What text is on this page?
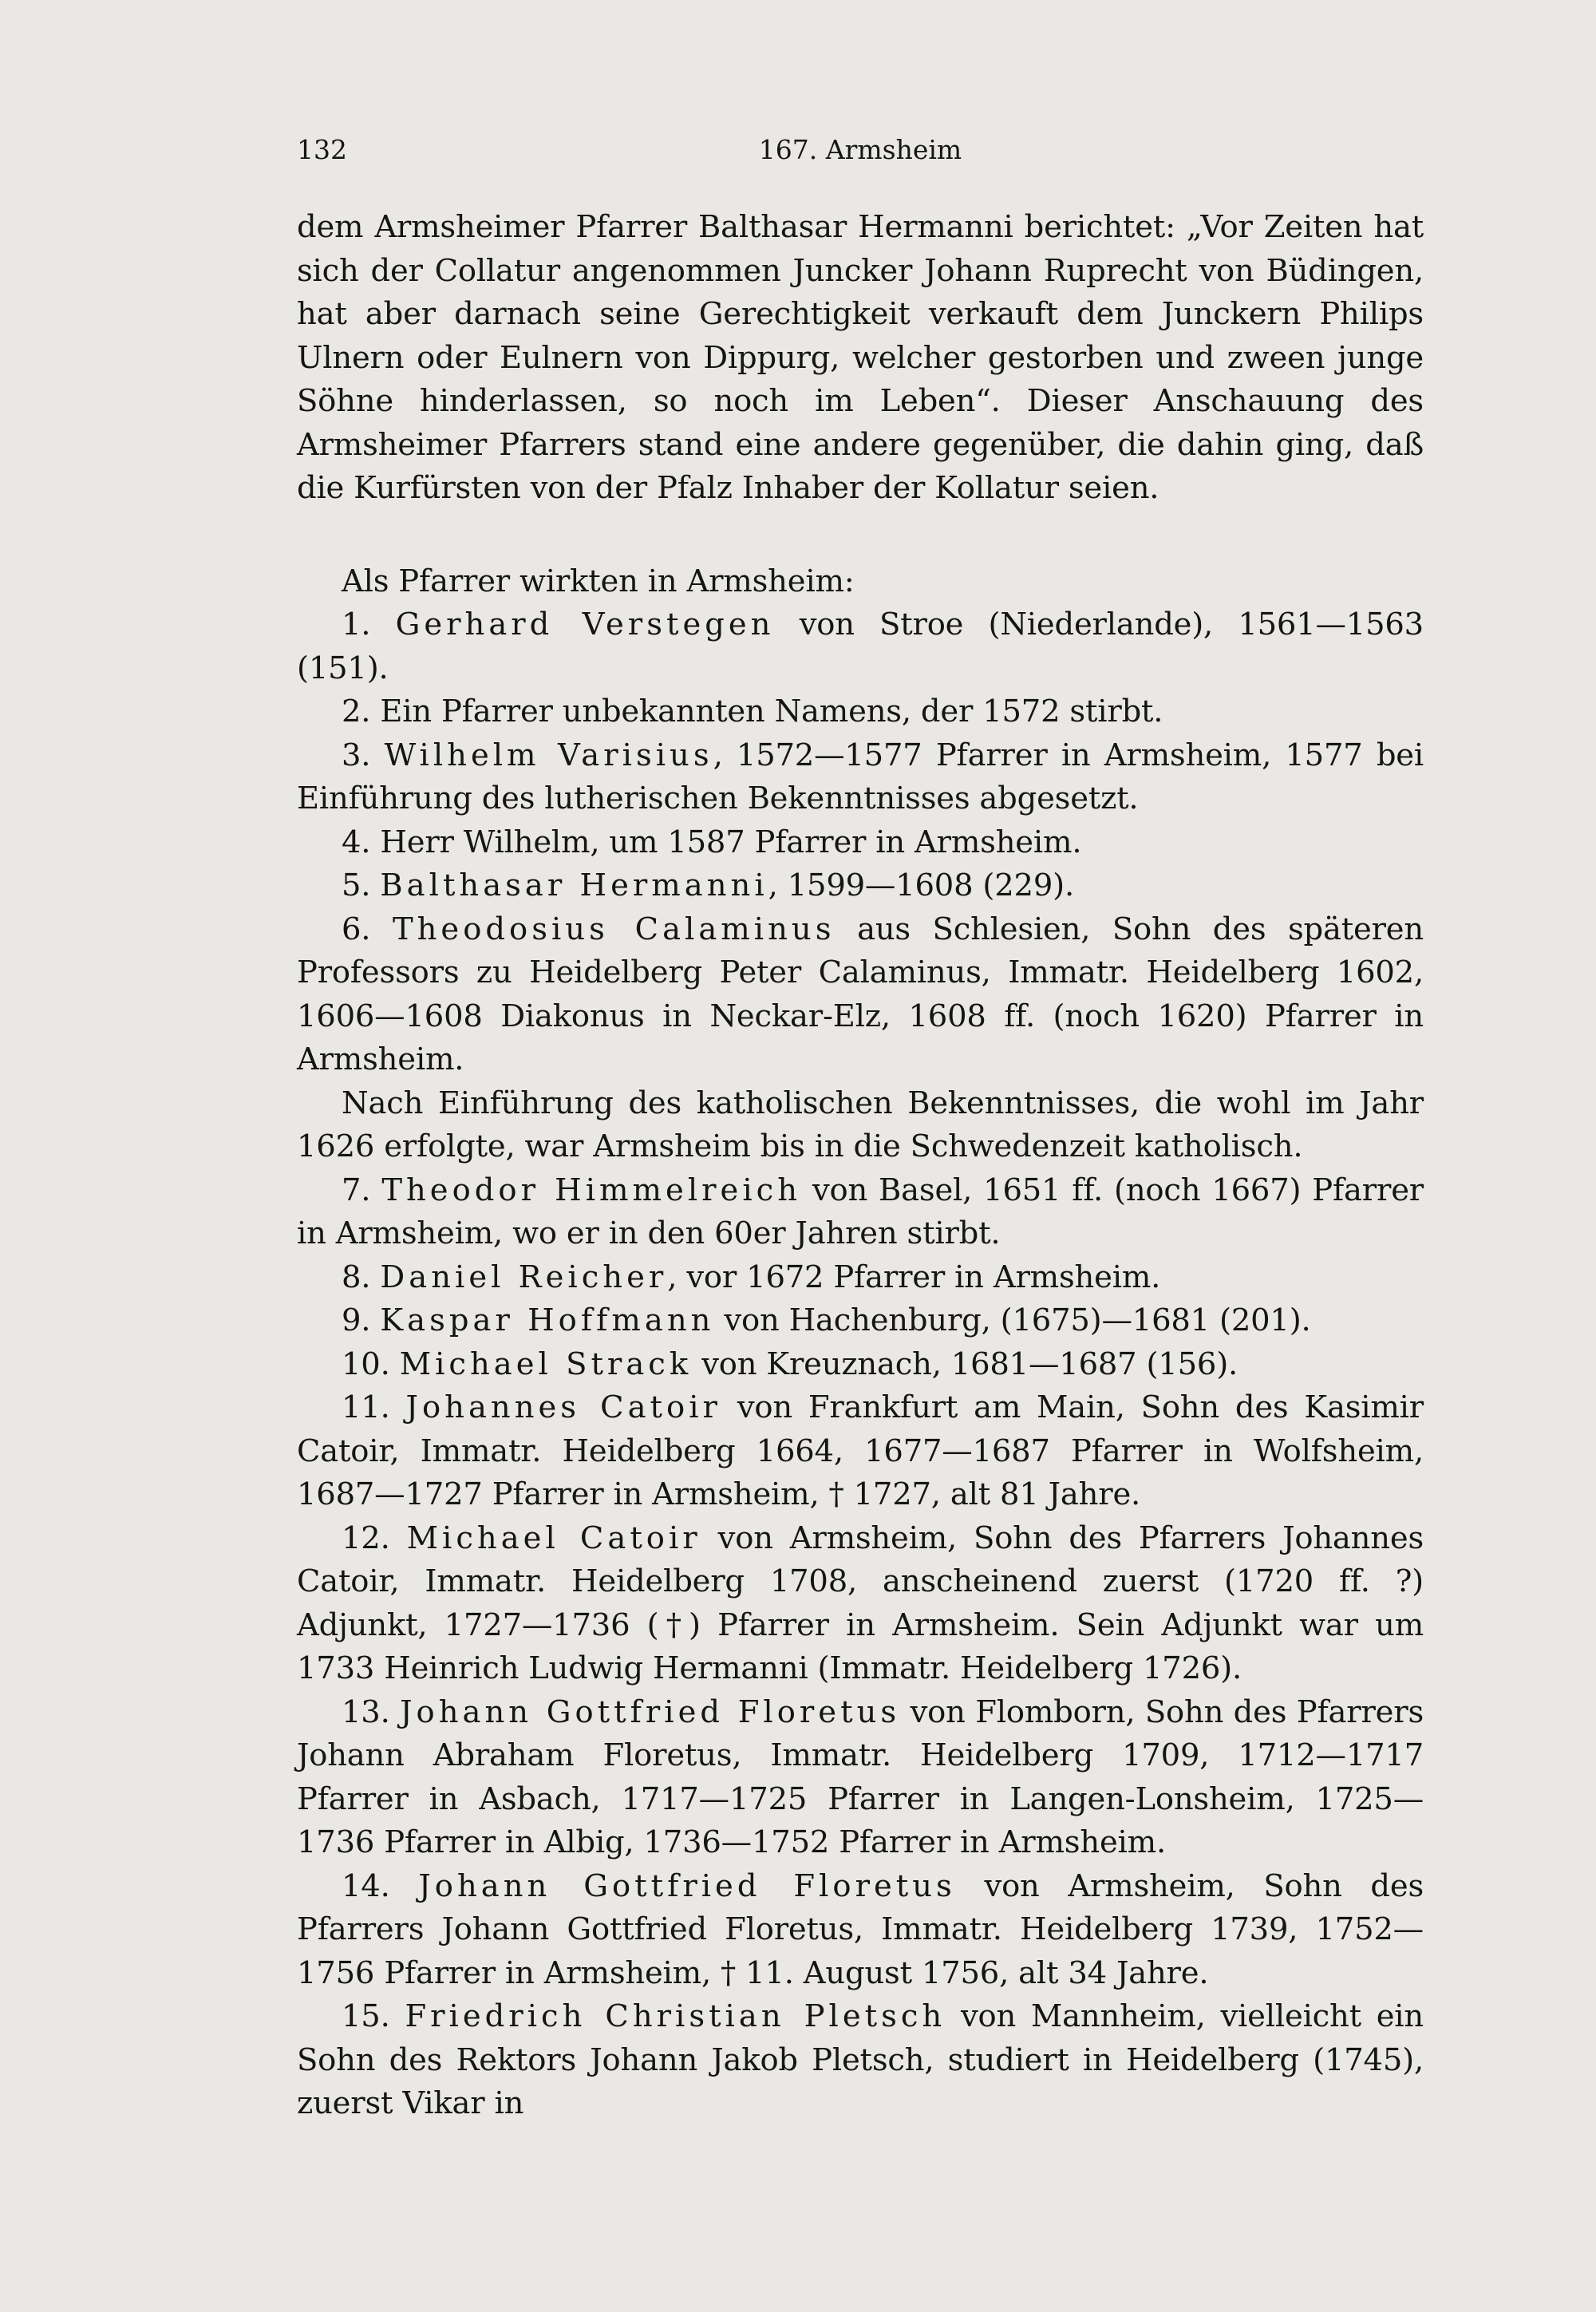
132	167. Armsheim

dem Armsheimer Pfarrer Balthasar Hermanni berichtet: „Vor Zeiten hat sich der Collatur angenommen Juncker Johann Ruprecht von Büdingen, hat aber darnach seine Gerechtigkeit verkauft dem Junckern Philips Ulnern oder Eulnern von Dippurg, welcher gestorben und zween junge Söhne hinderlassen, so noch im Leben“. Dieser Anschauung des Armsheimer Pfarrers stand eine andere gegenüber, die dahin ging, daß die Kurfürsten von der Pfalz Inhaber der Kollatur seien.

Als Pfarrer wirkten in Armsheim:

1. Gerhard Verstegen von Stroe (Niederlande), 1561—1563 (151).

2. Ein Pfarrer unbekannten Namens, der 1572 stirbt.

3. Wilhelm Varisius, 1572—1577 Pfarrer in Armsheim, 1577 bei Einführung des lutherischen Bekenntnisses abgesetzt.

4. Herr Wilhelm, um 1587 Pfarrer in Armsheim.

5. Balthasar Hermanni, 1599—1608 (229).

6. Theodosius Calaminus aus Schlesien, Sohn des späteren Professors zu Heidelberg Peter Calaminus, Immatr. Heidelberg 1602, 1606—1608 Diakonus in Neckar-Elz, 1608 ff. (noch 1620) Pfarrer in Armsheim.

Nach Einführung des katholischen Bekenntnisses, die wohl im Jahr 1626 erfolgte, war Armsheim bis in die Schwedenzeit katholisch.

7. Theodor Himmelreich von Basel, 1651 ff. (noch 1667) Pfarrer in Armsheim, wo er in den 60er Jahren stirbt.

8. Daniel Reicher, vor 1672 Pfarrer in Armsheim.

9. Kaspar Hoffmann von Hachenburg, (1675)—1681 (201).

10. Michael Strack von Kreuznach, 1681—1687 (156).

11. Johannes Catoir von Frankfurt am Main, Sohn des Kasimir Catoir, Immatr. Heidelberg 1664, 1677—1687 Pfarrer in Wolfsheim, 1687—1727 Pfarrer in Armsheim, † 1727, alt 81 Jahre.

12. Michael Catoir von Armsheim, Sohn des Pfarrers Johannes Catoir, Immatr. Heidelberg 1708, anscheinend zuerst (1720 ff. ?) Adjunkt, 1727—1736 (†) Pfarrer in Armsheim. Sein Adjunkt war um 1733 Heinrich Ludwig Hermanni (Immatr. Heidelberg 1726).

13. Johann Gottfried Floretus von Flomborn, Sohn des Pfarrers Johann Abraham Floretus, Immatr. Heidelberg 1709, 1712—1717 Pfarrer in Asbach, 1717—1725 Pfarrer in Langen-Lonsheim, 1725—1736 Pfarrer in Albig, 1736—1752 Pfarrer in Armsheim.

14. Johann Gottfried Floretus von Armsheim, Sohn des Pfarrers Johann Gottfried Floretus, Immatr. Heidelberg 1739, 1752—1756 Pfarrer in Armsheim, † 11. August 1756, alt 34 Jahre.

15. Friedrich Christian Pletsch von Mannheim, vielleicht ein Sohn des Rektors Johann Jakob Pletsch, studiert in Heidelberg (1745), zuerst Vikar in
